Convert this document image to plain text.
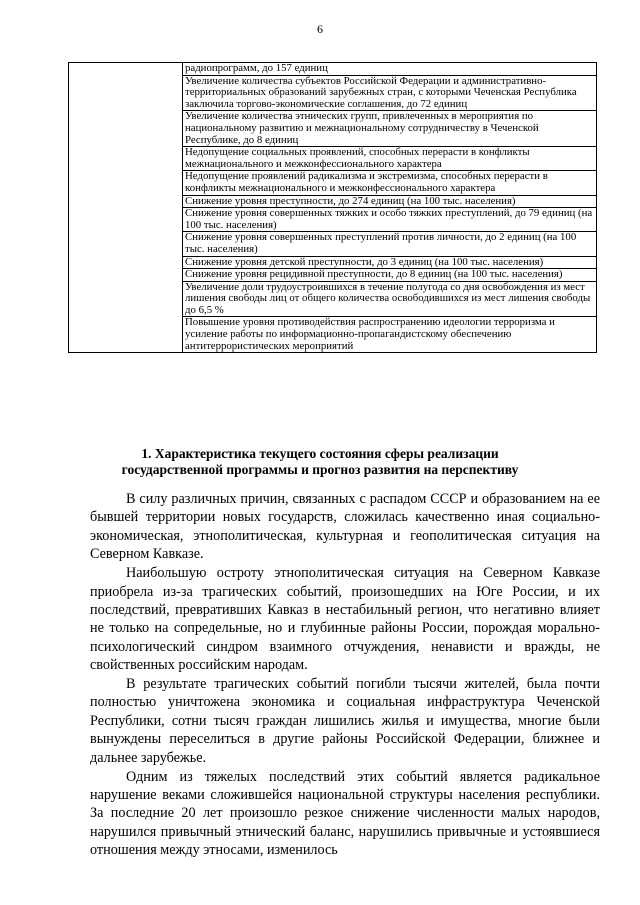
6
	радиопрограмм, до 157 единиц
Увеличение количества субъектов Российской Федерации и административно-территориальных образований зарубежных стран, с которыми Чеченская Республика заключила торгово-экономические соглашения, до 72 единиц
Увеличение количества этнических групп, привлеченных в мероприятия по национальному развитию и межнациональному сотрудничеству в Чеченской Республике, до 8 единиц
Недопущение социальных проявлений, способных перерасти в конфликты межнационального и межконфессионального характера
Недопущение проявлений радикализма и экстремизма, способных перерасти в конфликты межнационального и межконфессионального характера
Снижение уровня преступности, до 274 единиц (на 100 тыс. населения)
Снижение уровня совершенных тяжких и особо тяжких преступлений, до 79 единиц (на 100 тыс. населения)
Снижение уровня совершенных преступлений против личности, до 2 единиц (на 100 тыс. населения)
Снижение уровня детской преступности, до 3 единиц (на 100 тыс. населения)
Снижение уровня рецидивной преступности, до 8 единиц (на 100 тыс. населения)
Увеличение доли трудоустроившихся в течение полугода со дня освобождения из мест лишения свободы лиц от общего количества освободившихся из мест лишения свободы до 6,5 %
Повышение уровня противодействия распространению идеологии терроризма и усиление работы по информационно-пропагандистскому обеспечению антитеррористических мероприятий
1. Характеристика текущего состояния сферы реализации
государственной программы и прогноз развития на перспективу

В силу различных причин, связанных с распадом СССР и образованием на ее бывшей территории новых государств, сложилась качественно иная социально-экономическая, этнополитическая, культурная и геополитическая ситуация на Северном Кавказе.

Наибольшую остроту этнополитическая ситуация на Северном Кавказе приобрела из-за трагических событий, произошедших на Юге России, и их последствий, превративших Кавказ в нестабильный регион, что негативно влияет не только на сопредельные, но и глубинные районы России, порождая морально-психологический синдром взаимного отчуждения, ненависти и вражды, не свойственных российским народам.

В результате трагических событий погибли тысячи жителей, была почти полностью уничтожена экономика и социальная инфраструктура Чеченской Республики, сотни тысяч граждан лишились жилья и имущества, многие были вынуждены переселиться в другие районы Российской Федерации, ближнее и дальнее зарубежье.

Одним из тяжелых последствий этих событий является радикальное нарушение веками сложившейся национальной структуры населения республики. За последние 20 лет произошло резкое снижение численности малых народов, нарушился привычный этнический баланс, нарушились привычные и устоявшиеся отношения между этносами, изменилось
